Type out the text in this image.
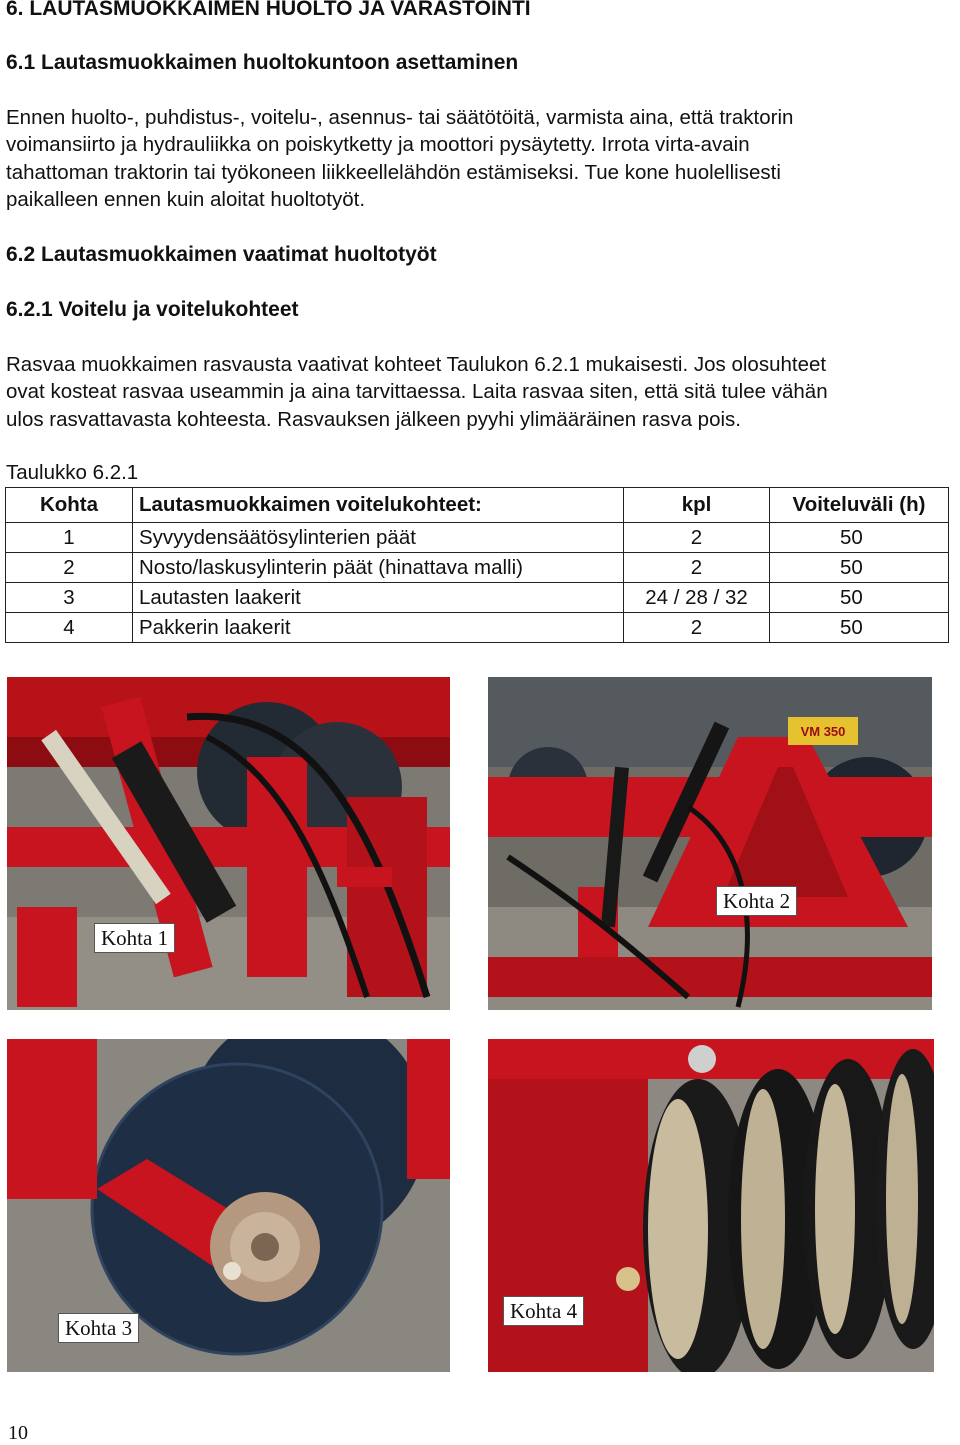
6. LAUTASMUOKKAIMEN HUOLTO JA VARASTOINTI
6.1 Lautasmuokkaimen huoltokuntoon asettaminen
Ennen huolto-, puhdistus-, voitelu-, asennus- tai säätötöitä, varmista aina, että traktorin
voimansiirto ja hydrauliikka on poiskytketty ja moottori pysäytetty. Irrota virta-avain
tahattoman traktorin tai työkoneen liikkeellelähdön estämiseksi. Tue kone huolellisesti
paikalleen ennen kuin aloitat huoltotyöt.
6.2 Lautasmuokkaimen vaatimat huoltotyöt
6.2.1 Voitelu ja voitelukohteet
Rasvaa muokkaimen rasvausta vaativat kohteet Taulukon 6.2.1 mukaisesti. Jos olosuhteet
ovat kosteat rasvaa useammin ja aina tarvittaessa. Laita rasvaa siten, että sitä tulee vähän
ulos rasvattavasta kohteesta. Rasvauksen jälkeen pyyhi ylimääräinen rasva pois.
Taulukko 6.2.1
Kohta	Lautasmuokkaimen voitelukohteet:	kpl	Voiteluväli (h)
1	Syvyydensäätösylinterien päät	2	50
2	Nosto/laskusylinterin päät (hinattava malli)	2	50
3	Lautasten laakerit	24 / 28 / 32	50
4	Pakkerin laakerit	2	50
Kohta 1
VM 350
Kohta 2
Kohta 3
Kohta 4
10
